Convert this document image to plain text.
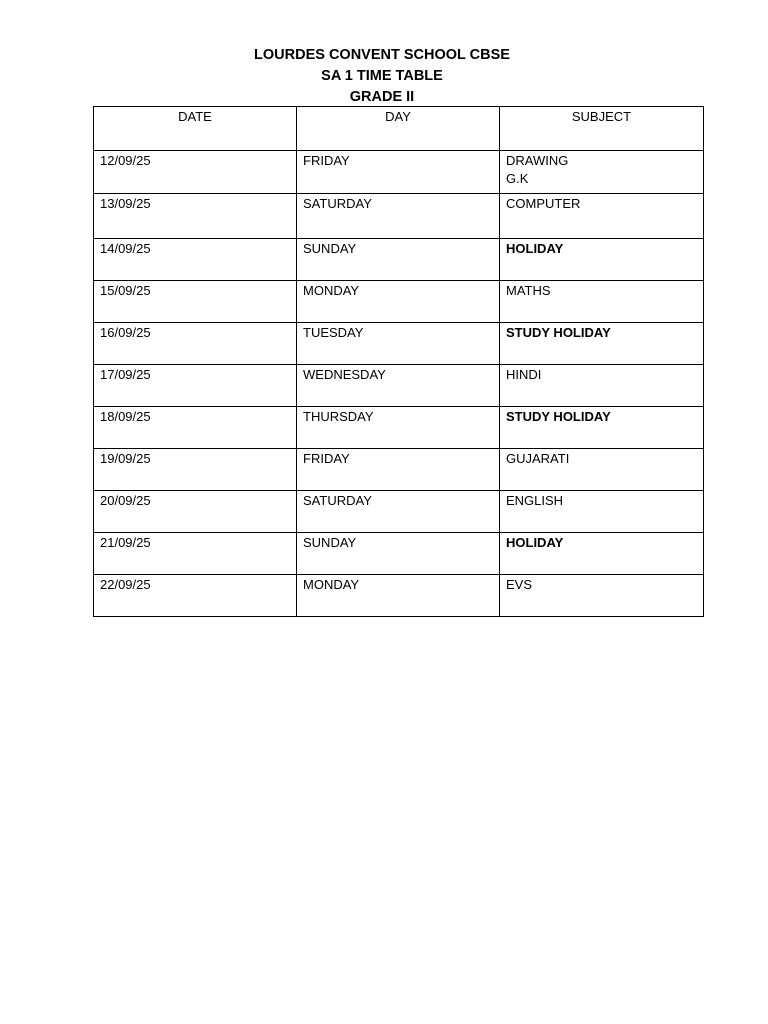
LOURDES CONVENT SCHOOL CBSE
SA 1 TIME TABLE
GRADE II
DATE	DAY	SUBJECT
12/09/25	FRIDAY	DRAWING
G.K

13/09/25	SATURDAY	COMPUTER

14/09/25	SUNDAY	HOLIDAY

15/09/25	MONDAY	MATHS

16/09/25	TUESDAY	STUDY HOLIDAY

17/09/25	WEDNESDAY	HINDI

18/09/25	THURSDAY	STUDY HOLIDAY

19/09/25	FRIDAY	GUJARATI

20/09/25	SATURDAY	ENGLISH

21/09/25	SUNDAY	HOLIDAY

22/09/25	MONDAY	EVS
